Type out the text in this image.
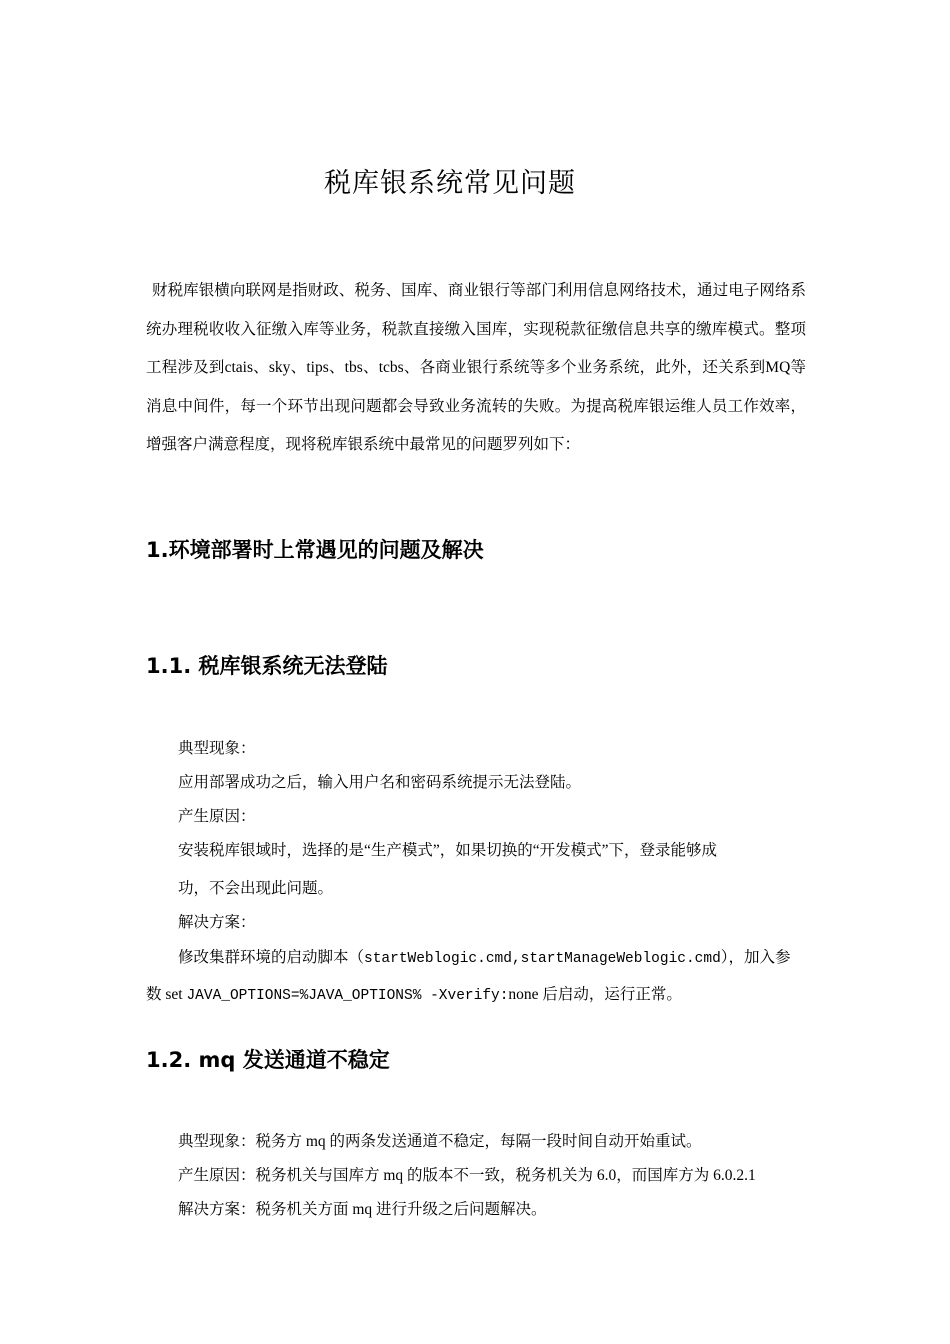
税库银系统常见问题
财税库银横向联网是指财政、税务、国库、商业银行等部门利用信息网络技术，通过电子网络系统办理税收收入征缴入库等业务，税款直接缴入国库，实现税款征缴信息共享的缴库模式。整项工程涉及到ctais、sky、tips、tbs、tcbs、各商业银行系统等多个业务系统，此外，还关系到MQ等消息中间件，每一个环节出现问题都会导致业务流转的失败。为提高税库银运维人员工作效率，增强客户满意程度，现将税库银系统中最常见的问题罗列如下：
1.环境部署时上常遇见的问题及解决
1.1. 税库银系统无法登陆
典型现象：
应用部署成功之后，输入用户名和密码系统提示无法登陆。
产生原因：
安装税库银域时，选择的是“生产模式”，如果切换的“开发模式”下，登录能够成
功，不会出现此问题。
解决方案：
修改集群环境的启动脚本（startWeblogic.cmd,startManageWeblogic.cmd），加入参
数 set JAVA_OPTIONS=%JAVA_OPTIONS% -Xverify:none 后启动，运行正常。
1.2. mq 发送通道不稳定
典型现象：税务方 mq 的两条发送通道不稳定，每隔一段时间自动开始重试。
产生原因：税务机关与国库方 mq 的版本不一致，税务机关为 6.0，而国库方为 6.0.2.1
解决方案：税务机关方面 mq 进行升级之后问题解决。
